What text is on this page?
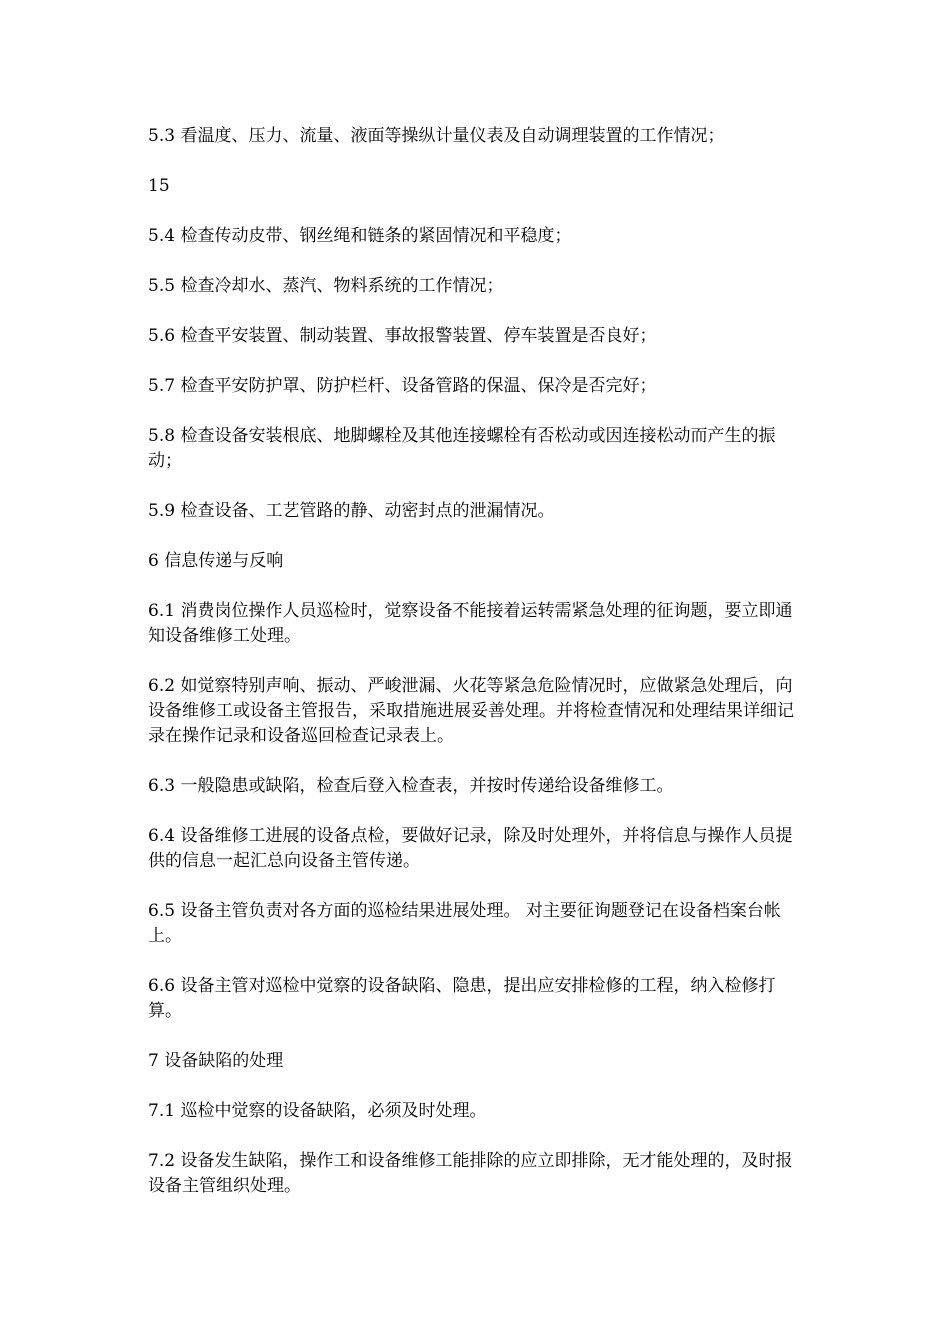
5.3 看温度、压力、流量、液面等操纵计量仪表及自动调理装置的工作情况；

15

5.4 检查传动皮带、钢丝绳和链条的紧固情况和平稳度；

5.5 检查冷却水、蒸汽、物料系统的工作情况；

5.6 检查平安装置、制动装置、事故报警装置、停车装置是否良好；

5.7 检查平安防护罩、防护栏杆、设备管路的保温、保冷是否完好；

5.8 检查设备安装根底、地脚螺栓及其他连接螺栓有否松动或因连接松动而产生的振动；

5.9 检查设备、工艺管路的静、动密封点的泄漏情况。

6 信息传递与反响

6.1 消费岗位操作人员巡检时，觉察设备不能接着运转需紧急处理的征询题，要立即通知设备维修工处理。

6.2 如觉察特别声响、振动、严峻泄漏、火花等紧急危险情况时，应做紧急处理后，向设备维修工或设备主管报告，采取措施进展妥善处理。并将检查情况和处理结果详细记录在操作记录和设备巡回检查记录表上。

6.3 一般隐患或缺陷，检查后登入检查表，并按时传递给设备维修工。

6.4 设备维修工进展的设备点检，要做好记录，除及时处理外，并将信息与操作人员提供的信息一起汇总向设备主管传递。

6.5 设备主管负责对各方面的巡检结果进展处理。 对主要征询题登记在设备档案台帐上。

6.6 设备主管对巡检中觉察的设备缺陷、隐患，提出应安排检修的工程，纳入检修打算。

7 设备缺陷的处理

7.1 巡检中觉察的设备缺陷，必须及时处理。

7.2 设备发生缺陷，操作工和设备维修工能排除的应立即排除，无才能处理的，及时报设备主管组织处理。
